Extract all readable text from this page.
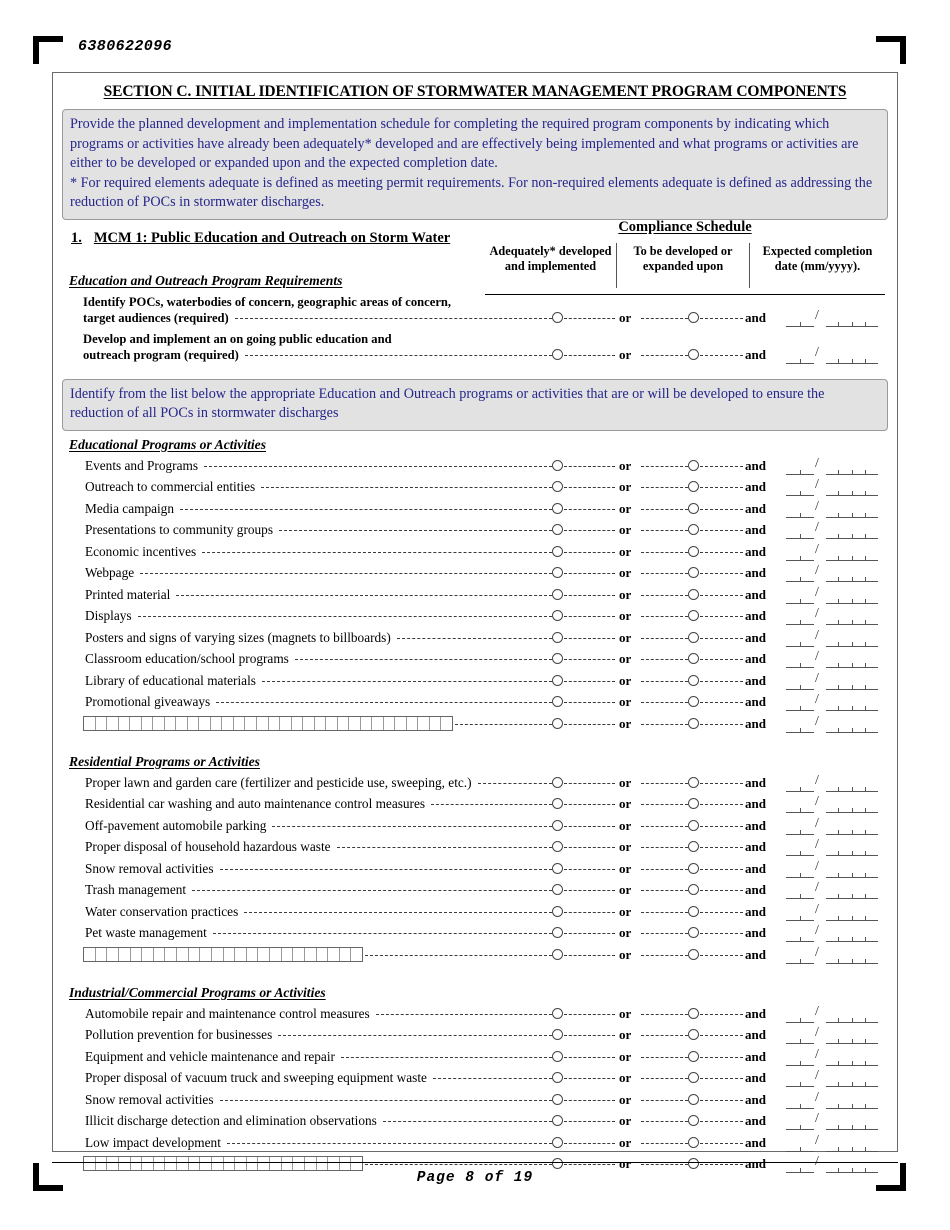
6380622096
SECTION C. INITIAL IDENTIFICATION OF STORMWATER MANAGEMENT PROGRAM COMPONENTS

Provide the planned development and implementation schedule for completing the required program components by indicating which programs or activities have already been adequately* developed and are effectively being implemented and what programs or activities are either to be developed or expanded upon and the expected completion date.

* For required elements adequate is defined as meeting permit requirements. For non-required elements adequate is defined as addressing the reduction of POCs in stormwater discharges.

1. MCM 1: Public Education and Outreach on Storm Water
Compliance Schedule
Adequately* developed and implemented
To be developed or expanded upon
Expected completion date (mm/yyyy).
Education and Outreach Program Requirements
Identify POCs, waterbodies of concern, geographic areas of concern,
target audiences (required)	or	and	/
Develop and implement an on going public education and
outreach program (required)	or	and	/

Identify from the list below the appropriate Education and Outreach programs or activities that are or will be developed to ensure the reduction of all POCs in stormwater discharges

Educational Programs or Activities
Events and Programs	or	and	/
Outreach to commercial entities	or	and	/
Media campaign	or	and	/
Presentations to community groups	or	and	/
Economic incentives	or	and	/
Webpage	or	and	/
Printed material	or	and	/
Displays	or	and	/
Posters and signs of varying sizes (magnets to billboards)	or	and	/
Classroom education/school programs	or	and	/
Library of educational materials	or	and	/
Promotional giveaways	or	and	/
or	and	/
Residential Programs or Activities
Proper lawn and garden care (fertilizer and pesticide use, sweeping, etc.)	or	and	/
Residential car washing and auto maintenance control measures	or	and	/
Off-pavement automobile parking	or	and	/
Proper disposal of household hazardous waste	or	and	/
Snow removal activities	or	and	/
Trash management	or	and	/
Water conservation practices	or	and	/
Pet waste management	or	and	/
or	and	/
Industrial/Commercial Programs or Activities
Automobile repair and maintenance control measures	or	and	/
Pollution prevention for businesses	or	and	/
Equipment and vehicle maintenance and repair	or	and	/
Proper disposal of vacuum truck and sweeping equipment waste	or	and	/
Snow removal activities	or	and	/
Illicit discharge detection and elimination observations	or	and	/
Low impact development	or	and	/
or	and	/
Page 8 of 19
